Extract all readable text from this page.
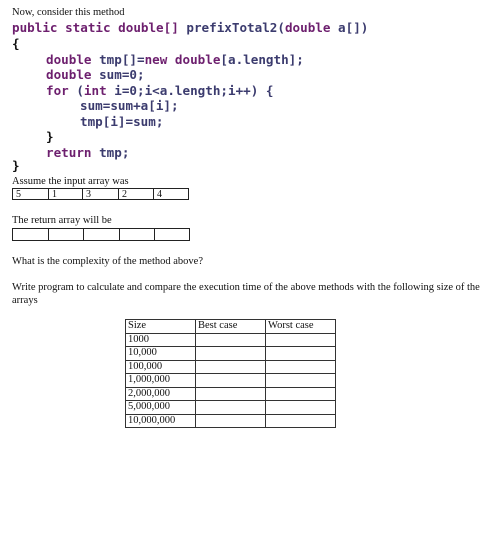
Now, consider this method
public static double[] prefixTotal2(double a[])
{
double tmp[]=new double[a.length];
double sum=0;
for (int i=0;i<a.length;i++) {
sum=sum+a[i];
tmp[i]=sum;
}
return tmp;
}
Assume the input array was
5	1	3	2	4
The return array will be
What is the complexity of the method above?
Write program to calculate and compare the execution time of the above methods with the following size of the arrays
Size	Best case	Worst case
1000		
10,000		
100,000		
1,000,000		
2,000,000		
5,000,000		
10,000,000		
